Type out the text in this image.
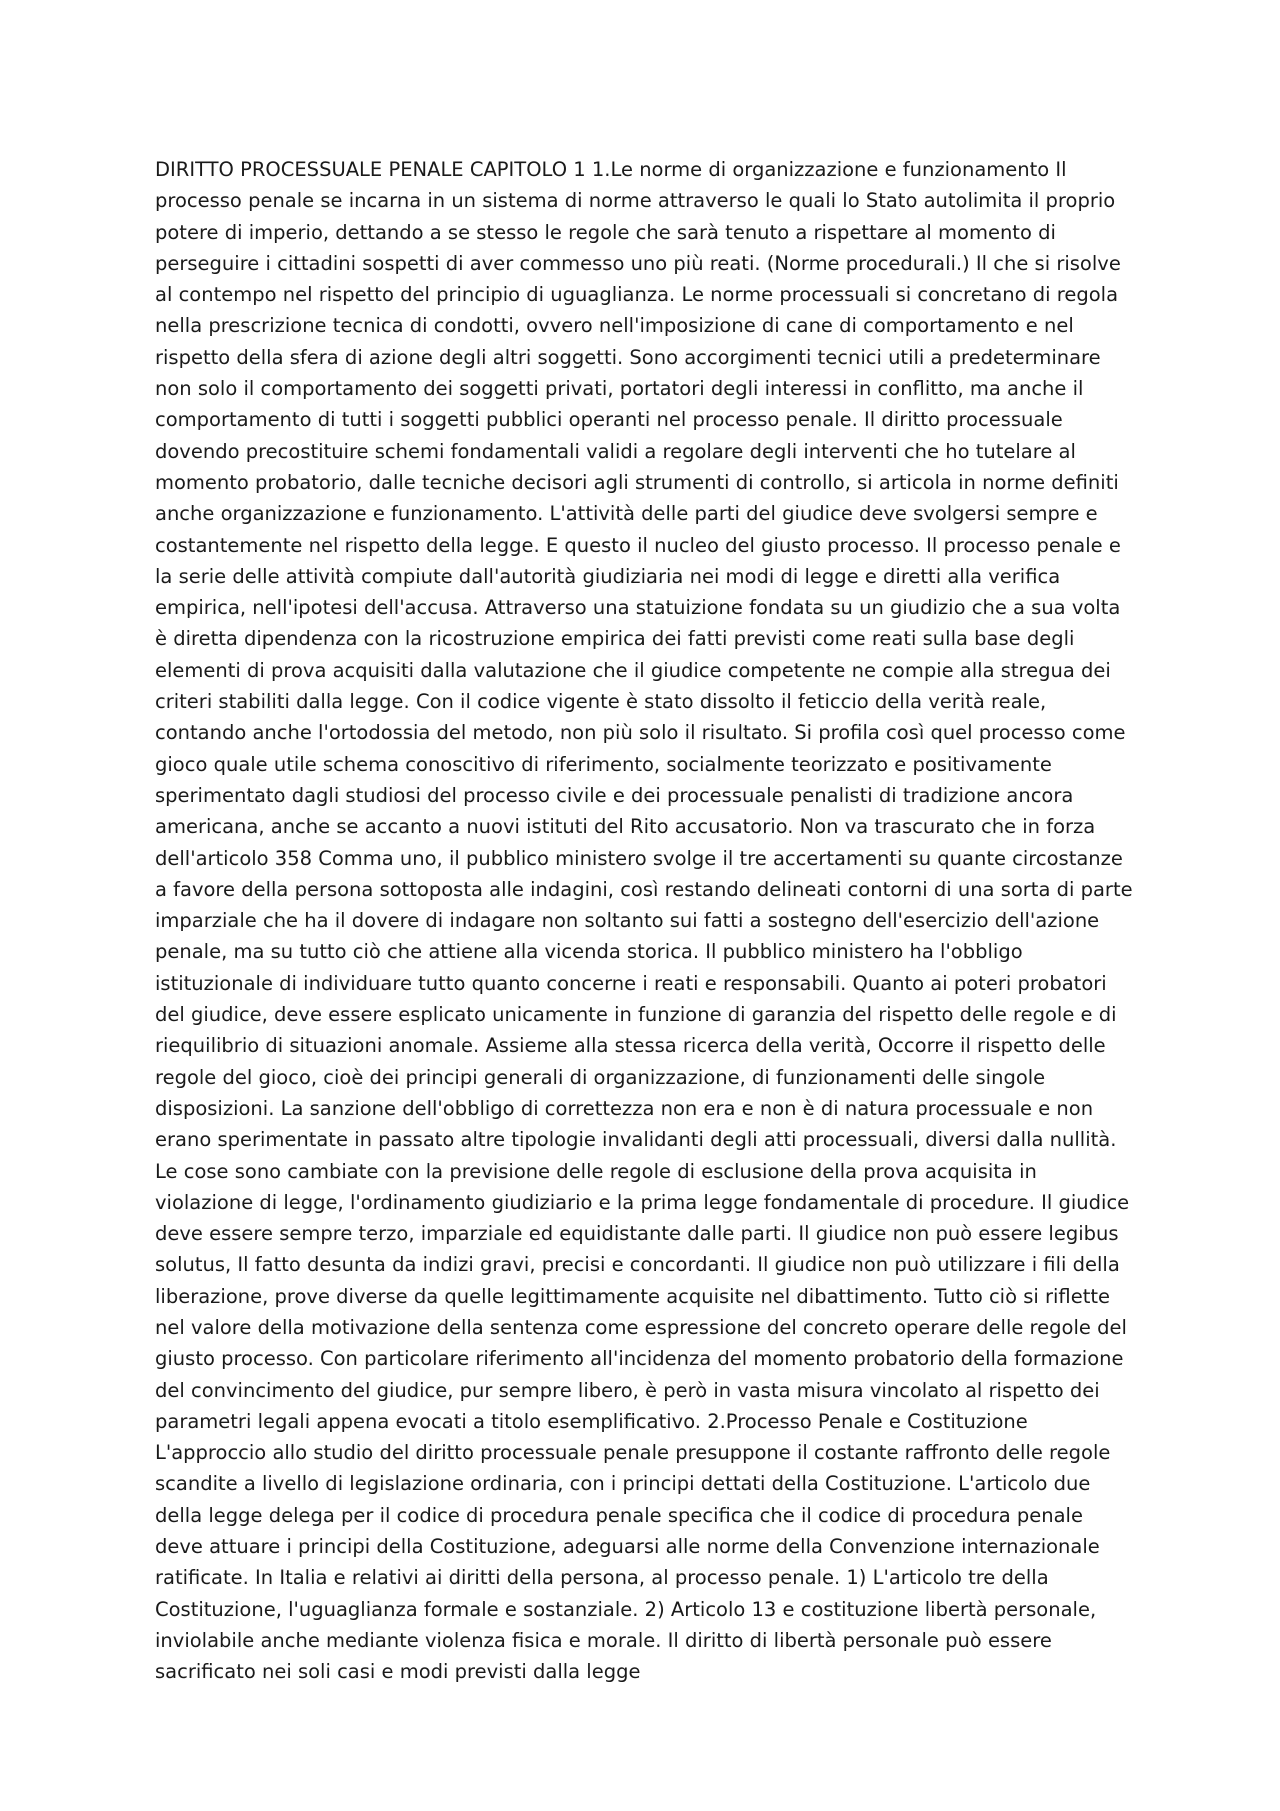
DIRITTO PROCESSUALE PENALE CAPITOLO 1 1.Le norme di organizzazione e funzionamento Il processo penale se incarna in un sistema di norme attraverso le quali lo Stato autolimita il proprio potere di imperio, dettando a se stesso le regole che sarà tenuto a rispettare al momento di perseguire i cittadini sospetti di aver commesso uno più reati. (Norme procedurali.) Il che si risolve al contempo nel rispetto del principio di uguaglianza. Le norme processuali si concretano di regola nella prescrizione tecnica di condotti, ovvero nell'imposizione di cane di comportamento e nel rispetto della sfera di azione degli altri soggetti. Sono accorgimenti tecnici utili a predeterminare non solo il comportamento dei soggetti privati, portatori degli interessi in conflitto, ma anche il comportamento di tutti i soggetti pubblici operanti nel processo penale. Il diritto processuale dovendo precostituire schemi fondamentali validi a regolare degli interventi che ho tutelare al momento probatorio, dalle tecniche decisori agli strumenti di controllo, si articola in norme definiti anche organizzazione e funzionamento. L'attività delle parti del giudice deve svolgersi sempre e costantemente nel rispetto della legge. E questo il nucleo del giusto processo. Il processo penale e la serie delle attività compiute dall'autorità giudiziaria nei modi di legge e diretti alla verifica empirica, nell'ipotesi dell'accusa. Attraverso una statuizione fondata su un giudizio che a sua volta è diretta dipendenza con la ricostruzione empirica dei fatti previsti come reati sulla base degli elementi di prova acquisiti dalla valutazione che il giudice competente ne compie alla stregua dei criteri stabiliti dalla legge. Con il codice vigente è stato dissolto il feticcio della verità reale, contando anche l'ortodossia del metodo, non più solo il risultato. Si profila così quel processo come gioco quale utile schema conoscitivo di riferimento, socialmente teorizzato e positivamente sperimentato dagli studiosi del processo civile e dei processuale penalisti di tradizione ancora americana, anche se accanto a nuovi istituti del Rito accusatorio. Non va trascurato che in forza dell'articolo 358 Comma uno, il pubblico ministero svolge il tre accertamenti su quante circostanze a favore della persona sottoposta alle indagini, così restando delineati contorni di una sorta di parte imparziale che ha il dovere di indagare non soltanto sui fatti a sostegno dell'esercizio dell'azione penale, ma su tutto ciò che attiene alla vicenda storica. Il pubblico ministero ha l'obbligo istituzionale di individuare tutto quanto concerne i reati e responsabili. Quanto ai poteri probatori del giudice, deve essere esplicato unicamente in funzione di garanzia del rispetto delle regole e di riequilibrio di situazioni anomale. Assieme alla stessa ricerca della verità, Occorre il rispetto delle regole del gioco, cioè dei principi generali di organizzazione, di funzionamenti delle singole disposizioni. La sanzione dell'obbligo di correttezza non era e non è di natura processuale e non erano sperimentate in passato altre tipologie invalidanti degli atti processuali, diversi dalla nullità. Le cose sono cambiate con la previsione delle regole di esclusione della prova acquisita in violazione di legge, l'ordinamento giudiziario e la prima legge fondamentale di procedure. Il giudice deve essere sempre terzo, imparziale ed equidistante dalle parti. Il giudice non può essere legibus solutus, Il fatto desunta da indizi gravi, precisi e concordanti. Il giudice non può utilizzare i fili della liberazione, prove diverse da quelle legittimamente acquisite nel dibattimento. Tutto ciò si riflette nel valore della motivazione della sentenza come espressione del concreto operare delle regole del giusto processo. Con particolare riferimento all'incidenza del momento probatorio della formazione del convincimento del giudice, pur sempre libero, è però in vasta misura vincolato al rispetto dei parametri legali appena evocati a titolo esemplificativo. 2.Processo Penale e Costituzione L'approccio allo studio del diritto processuale penale presuppone il costante raffronto delle regole scandite a livello di legislazione ordinaria, con i principi dettati della Costituzione. L'articolo due della legge delega per il codice di procedura penale specifica che il codice di procedura penale deve attuare i principi della Costituzione, adeguarsi alle norme della Convenzione internazionale ratificate. In Italia e relativi ai diritti della persona, al processo penale. 1) L'articolo tre della Costituzione, l'uguaglianza formale e sostanziale. 2) Articolo 13 e costituzione libertà personale, inviolabile anche mediante violenza fisica e morale. Il diritto di libertà personale può essere sacrificato nei soli casi e modi previsti dalla legge
